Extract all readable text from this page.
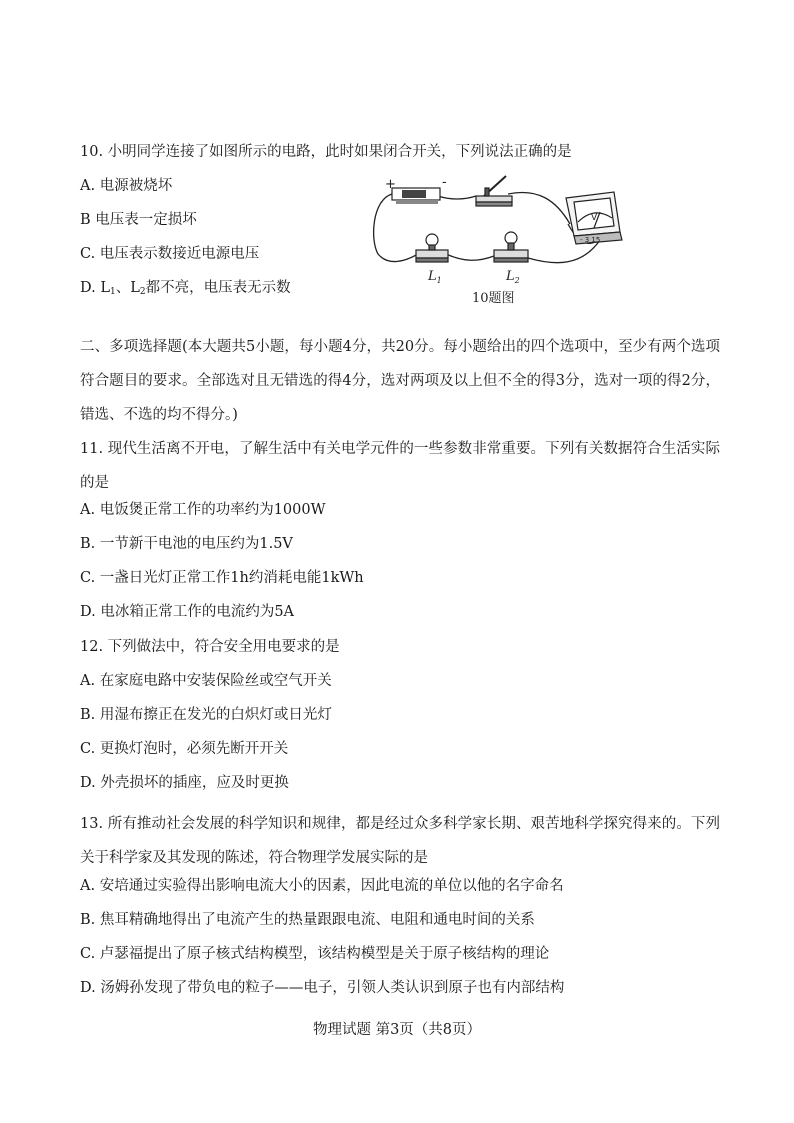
10. 小明同学连接了如图所示的电路，此时如果闭合开关，下列说法正确的是
A. 电源被烧坏
B 电压表一定损坏
C. 电压表示数接近电源电压
D. $L_1$、$L_2$都不亮，电压表无示数
+	-
V
- 3 15
$L_1$	$L_2$
10题图
二、多项选择题(本大题共5小题，每小题4分，共20分。每小题给出的四个选项中，至少有两个选项符合题目的要求。全部选对且无错选的得4分，选对两项及以上但不全的得3分，选对一项的得2分，错选、不选的均不得分。)
11. 现代生活离不开电，了解生活中有关电学元件的一些参数非常重要。下列有关数据符合生活实际的是
A. 电饭煲正常工作的功率约为1000W
B. 一节新干电池的电压约为1.5V
C. 一盏日光灯正常工作1h约消耗电能1kWh
D. 电冰箱正常工作的电流约为5A
12. 下列做法中，符合安全用电要求的是
A. 在家庭电路中安装保险丝或空气开关
B. 用湿布擦正在发光的白炽灯或日光灯
C. 更换灯泡时，必须先断开开关
D. 外壳损坏的插座，应及时更换
13. 所有推动社会发展的科学知识和规律，都是经过众多科学家长期、艰苦地科学探究得来的。下列关于科学家及其发现的陈述，符合物理学发展实际的是
A. 安培通过实验得出影响电流大小的因素，因此电流的单位以他的名字命名
B. 焦耳精确地得出了电流产生的热量跟跟电流、电阻和通电时间的关系
C. 卢瑟福提出了原子核式结构模型，该结构模型是关于原子核结构的理论
D. 汤姆孙发现了带负电的粒子——电子，引领人类认识到原子也有内部结构
物理试题 第3页（共8页）
